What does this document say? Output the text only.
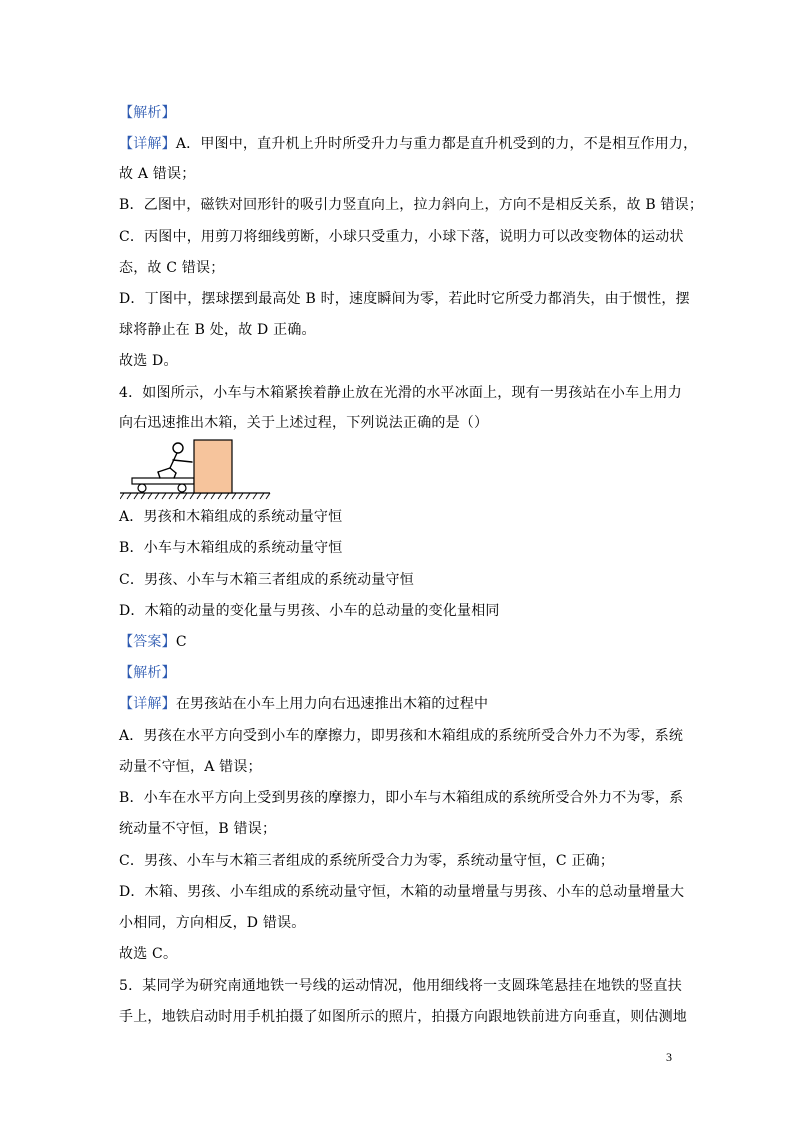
【解析】
【详解】A．甲图中，直升机上升时所受升力与重力都是直升机受到的力，不是相互作用力，
故 A 错误；
B．乙图中，磁铁对回形针的吸引力竖直向上，拉力斜向上，方向不是相反关系，故 B 错误；
C．丙图中，用剪刀将细线剪断，小球只受重力，小球下落，说明力可以改变物体的运动状
态，故 C 错误；
D．丁图中，摆球摆到最高处 B 时，速度瞬间为零，若此时它所受力都消失，由于惯性，摆
球将静止在 B 处，故 D 正确。
故选 D。
4．如图所示，小车与木箱紧挨着静止放在光滑的水平冰面上，现有一男孩站在小车上用力
向右迅速推出木箱，关于上述过程，下列说法正确的是（）
A．男孩和木箱组成的系统动量守恒
B．小车与木箱组成的系统动量守恒
C．男孩、小车与木箱三者组成的系统动量守恒
D．木箱的动量的变化量与男孩、小车的总动量的变化量相同
【答案】C
【解析】
【详解】在男孩站在小车上用力向右迅速推出木箱的过程中
A．男孩在水平方向受到小车的摩擦力，即男孩和木箱组成的系统所受合外力不为零，系统
动量不守恒，A 错误；
B．小车在水平方向上受到男孩的摩擦力，即小车与木箱组成的系统所受合外力不为零，系
统动量不守恒，B 错误；
C．男孩、小车与木箱三者组成的系统所受合力为零，系统动量守恒，C 正确；
D．木箱、男孩、小车组成的系统动量守恒，木箱的动量增量与男孩、小车的总动量增量大
小相同，方向相反，D 错误。
故选 C。
5．某同学为研究南通地铁一号线的运动情况，他用细线将一支圆珠笔悬挂在地铁的竖直扶
手上，地铁启动时用手机拍摄了如图所示的照片，拍摄方向跟地铁前进方向垂直，则估测地
3
